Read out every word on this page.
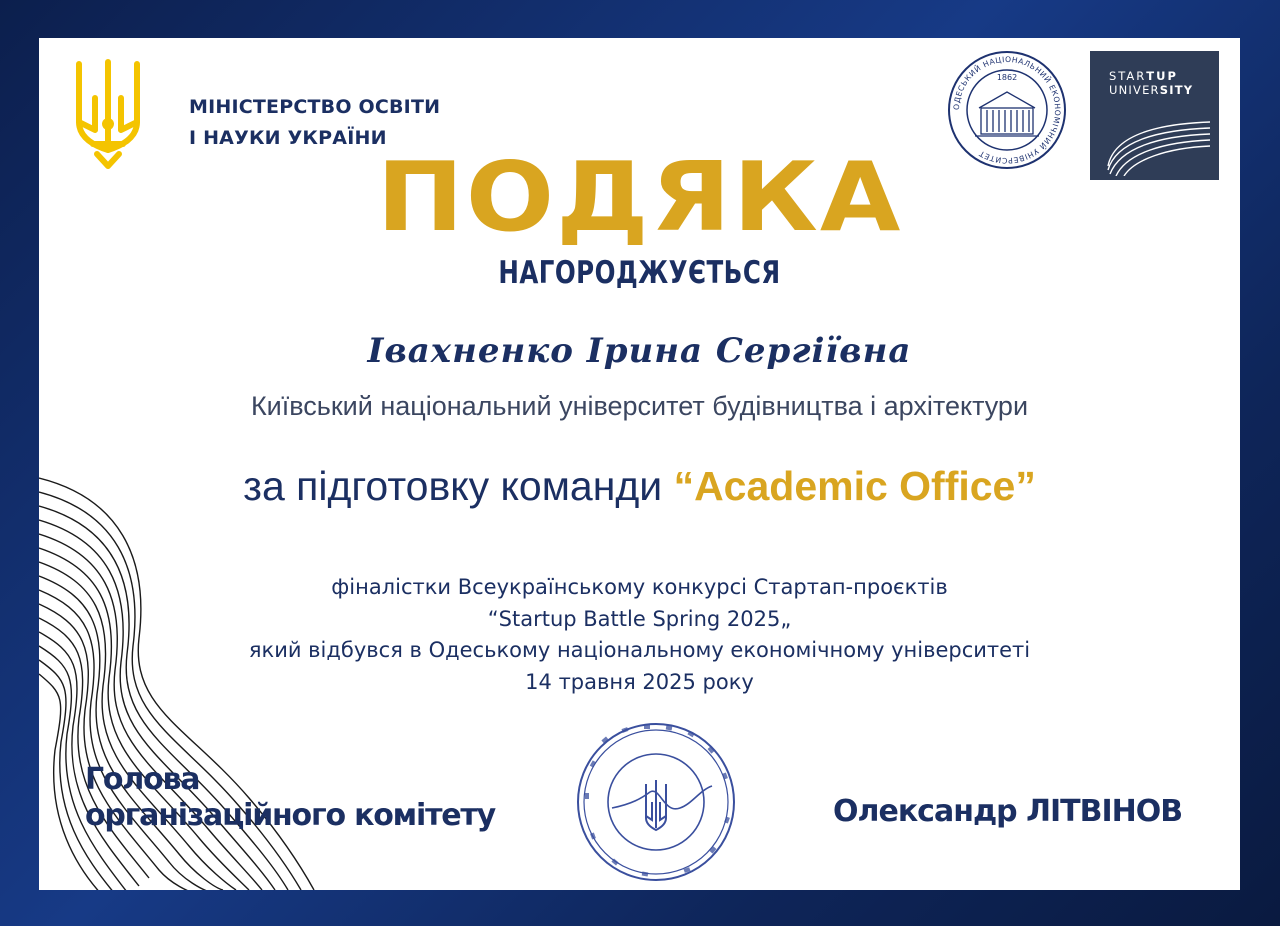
МІНІСТЕРСТВО ОСВІТИ
І НАУКИ УКРАЇНИ
ОДЕСЬКИЙ НАЦІОНАЛЬНИЙ ЕКОНОМІЧНИЙ УНІВЕРСИТЕТ
1862	STARTUP
UNIVERSITY
ПОДЯКА
НАГОРОДЖУЄТЬСЯ
Івахненко Ірина Сергіївна
Київський національний університет будівництва і архітектури
за підготовку команди “Academic Office”
фіналістки Всеукраїнському конкурсі Стартап-проєктів
“Startup Battle Spring 2025„
який відбувся в Одеському національному економічному університеті
14 травня 2025 року
Голова
організаційного комітету	Олександр ЛІТВІНОВ
